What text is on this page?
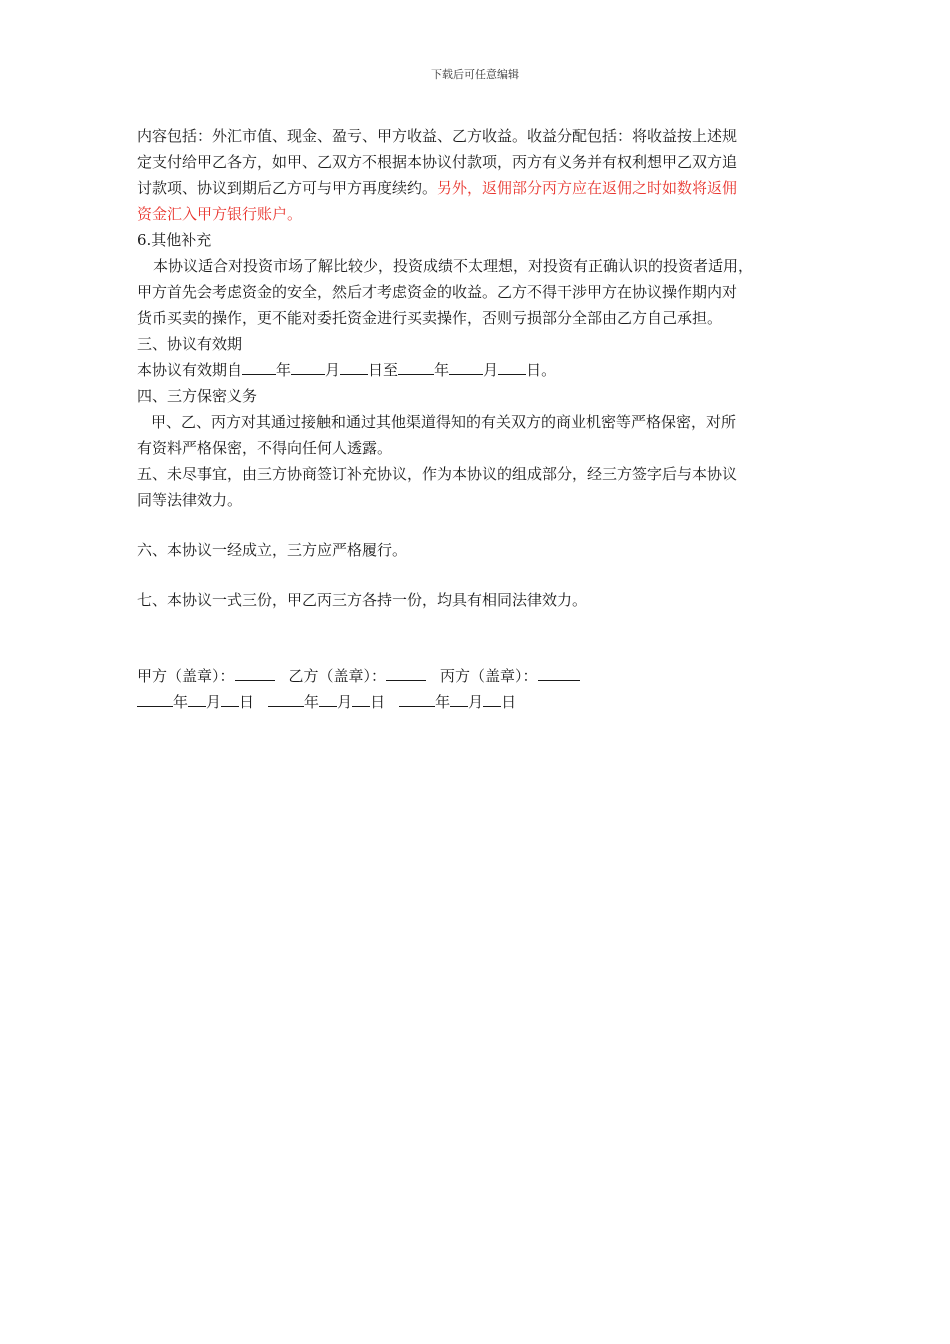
下载后可任意编辑
内容包括：外汇市值、现金、盈亏、甲方收益、乙方收益。收益分配包括：将收益按上述规
定支付给甲乙各方，如甲、乙双方不根据本协议付款项，丙方有义务并有权利想甲乙双方追
讨款项、协议到期后乙方可与甲方再度续约。另外，返佣部分丙方应在返佣之时如数将返佣
资金汇入甲方银行账户。
6.其他补充
本协议适合对投资市场了解比较少，投资成绩不太理想，对投资有正确认识的投资者适用，
甲方首先会考虑资金的安全，然后才考虑资金的收益。乙方不得干涉甲方在协议操作期内对
货币买卖的操作，更不能对委托资金进行买卖操作，否则亏损部分全部由乙方自己承担。
三、协议有效期
本协议有效期自 年 月 日至 年 月 日。
四、三方保密义务
甲、乙、丙方对其通过接触和通过其他渠道得知的有关双方的商业机密等严格保密，对所
有资料严格保密，不得向任何人透露。
五、未尽事宜，由三方协商签订补充协议，作为本协议的组成部分，经三方签字后与本协议
同等法律效力。
六、本协议一经成立，三方应严格履行。
七、本协议一式三份，甲乙丙三方各持一份，均具有相同法律效力。
甲方（盖章）：	乙方（盖章）：	丙方（盖章）：
年 月 日	年 月 日	年 月 日
